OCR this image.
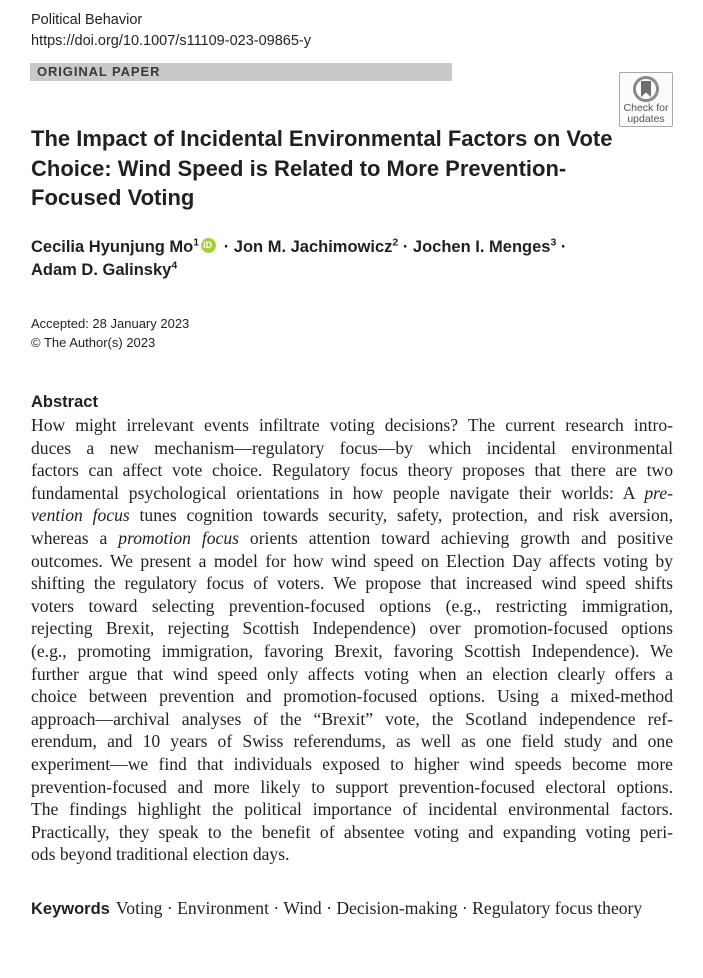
Political Behavior
https://doi.org/10.1007/s11109-023-09865-y
ORIGINAL PAPER
Check for
updates
The Impact of Incidental Environmental Factors on Vote Choice: Wind Speed is Related to More Prevention-Focused Voting
Cecilia Hyunjung $Mo^1iD$ · Jon M. Jachimowicz$^2$ · Jochen I. Menges$^3$ ·
Adam D. Galinsky$^4$
Accepted: 28 January 2023
© The Author(s) 2023
Abstract
How might irrelevant events infiltrate voting decisions? The current research intro-
duces a new mechanism—regulatory focus—by which incidental environmental
factors can affect vote choice. Regulatory focus theory proposes that there are two
fundamental psychological orientations in how people navigate their worlds: A pre-
vention focus tunes cognition towards security, safety, protection, and risk aversion,
whereas a promotion focus orients attention toward achieving growth and positive
outcomes. We present a model for how wind speed on Election Day affects voting by
shifting the regulatory focus of voters. We propose that increased wind speed shifts
voters toward selecting prevention-focused options (e.g., restricting immigration,
rejecting Brexit, rejecting Scottish Independence) over promotion-focused options
(e.g., promoting immigration, favoring Brexit, favoring Scottish Independence). We
further argue that wind speed only affects voting when an election clearly offers a
choice between prevention and promotion-focused options. Using a mixed-method
approach—archival analyses of the “Brexit” vote, the Scotland independence ref-
erendum, and 10 years of Swiss referendums, as well as one field study and one
experiment—we find that individuals exposed to higher wind speeds become more
prevention-focused and more likely to support prevention-focused electoral options.
The findings highlight the political importance of incidental environmental factors.
Practically, they speak to the benefit of absentee voting and expanding voting peri-
ods beyond traditional election days.
Keywords Voting · Environment · Wind · Decision-making · Regulatory focus theory
